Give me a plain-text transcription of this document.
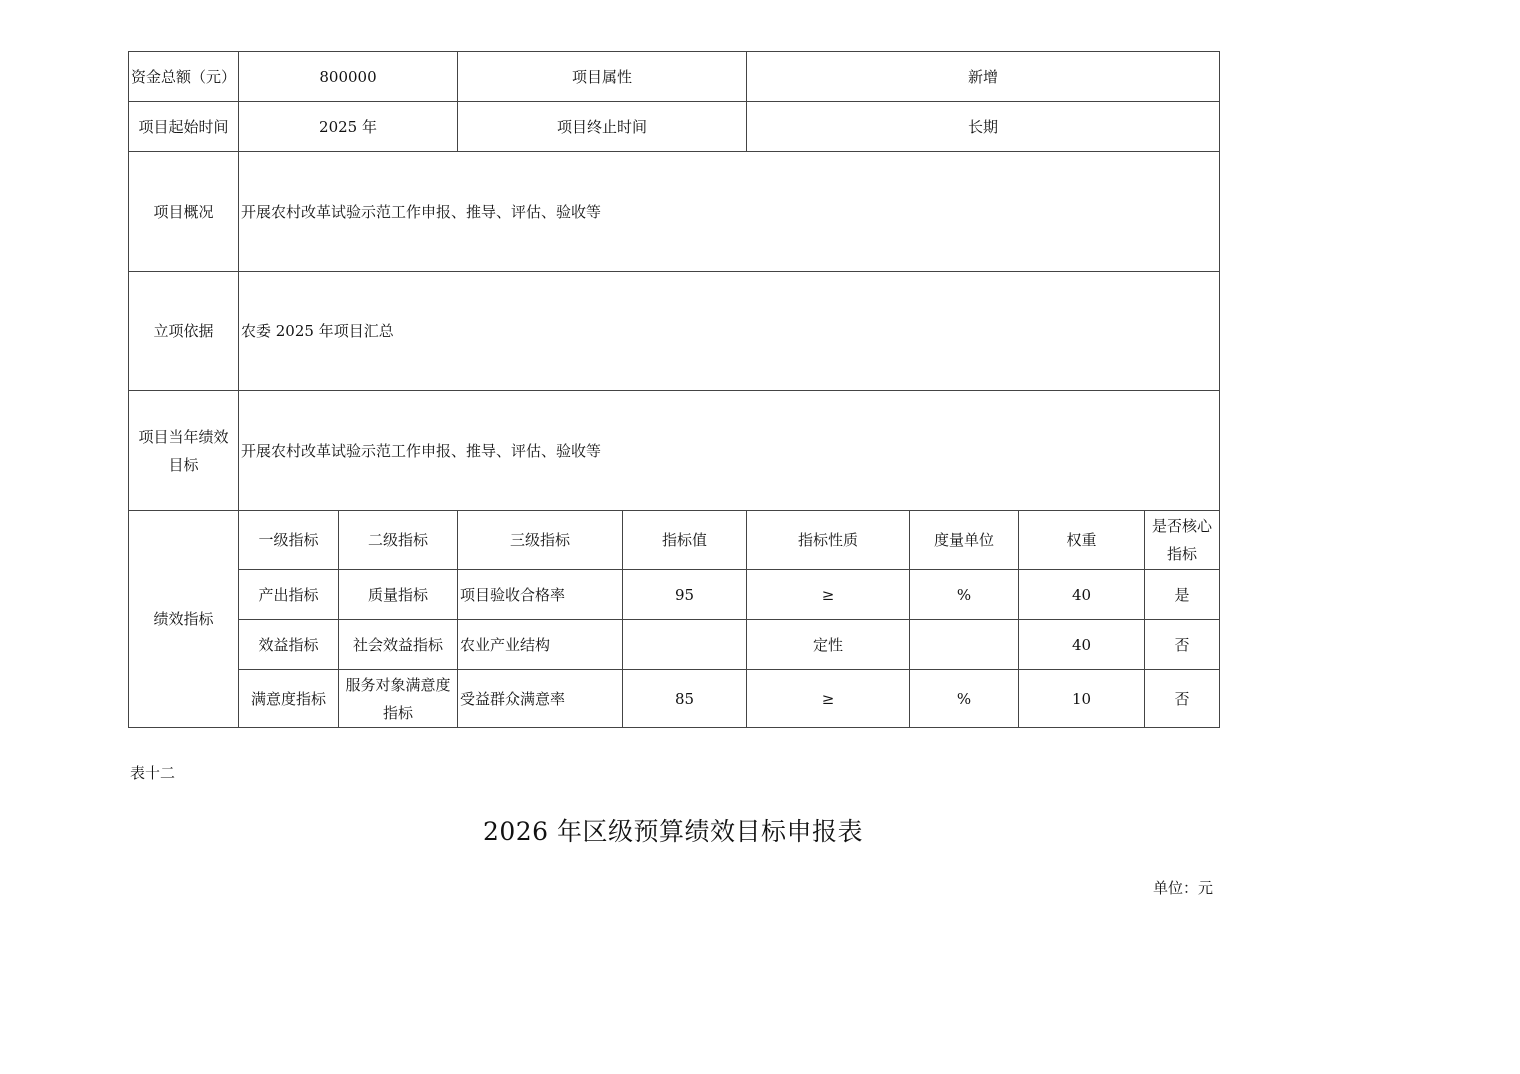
资金总额（元）	800000		项目属性		新增			
项目起始时间	2025 年		项目终止时间		长期			
项目概况	开展农村改革试验示范工作申报、推导、评估、验收等							
立项依据	农委 2025 年项目汇总							

项目当年绩效
目标	开展农村改革试验示范工作申报、推导、评估、验收等							
绩效指标	一级指标	二级指标	三级指标	指标值	指标性质	度量单位	权重	是否核心
指标

	产出指标	质量指标	项目验收合格率	95	≥	%	40	是
	效益指标	社会效益指标	农业产业结构		定性		40	否
	满意度指标	服务对象满意度
指标	受益群众满意率	85	≥	%	10	否
表十二
2026 年区级预算绩效目标申报表
单位：元
